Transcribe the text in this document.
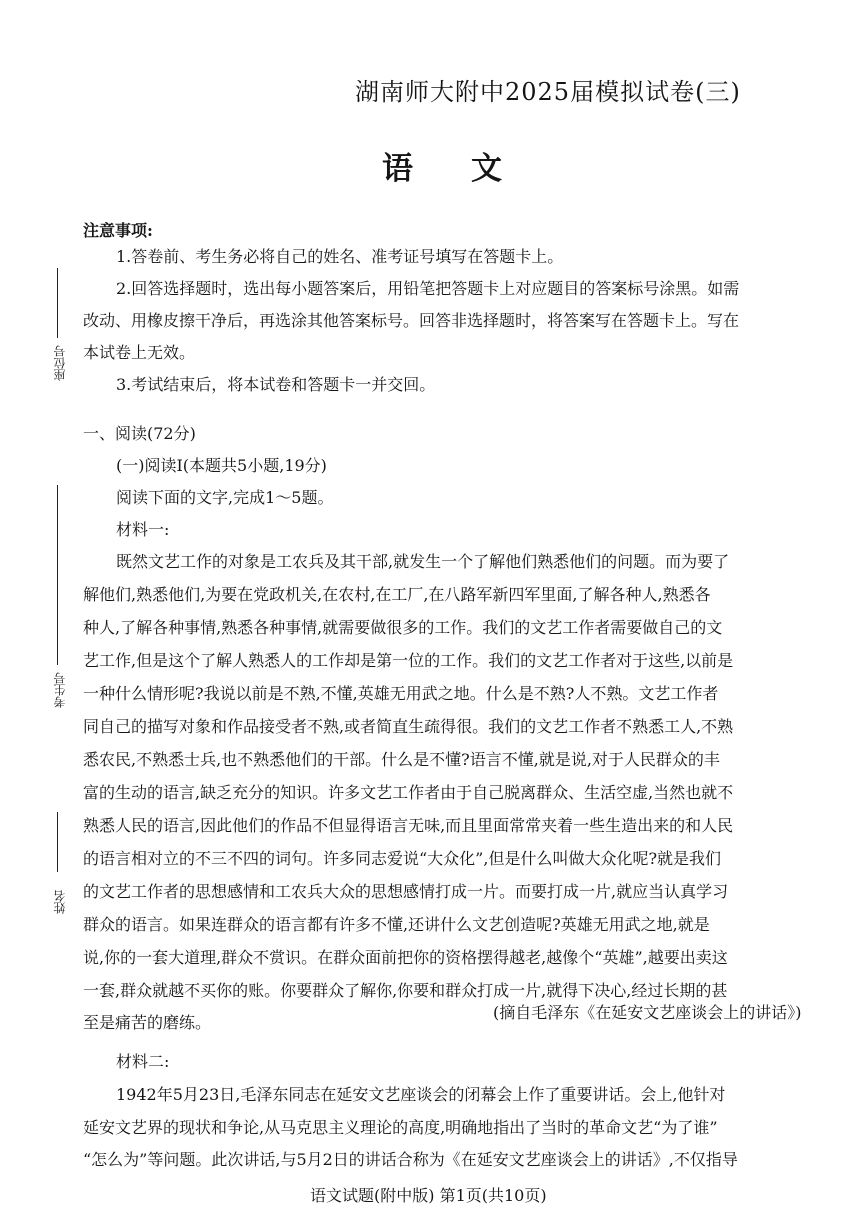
湖南师大附中2025届模拟试卷(三)
语文
座位号
考生号
姓名
注意事项:
1.答卷前、考生务必将自己的姓名、准考证号填写在答题卡上。
2.回答选择题时，选出每小题答案后，用铅笔把答题卡上对应题目的答案标号涂黑。如需
改动、用橡皮擦干净后，再选涂其他答案标号。回答非选择题时，将答案写在答题卡上。写在
本试卷上无效。
3.考试结束后，将本试卷和答题卡一并交回。
一、阅读(72分)
(一)阅读Ⅰ(本题共5小题,19分)
阅读下面的文字,完成1～5题。
材料一:
既然文艺工作的对象是工农兵及其干部,就发生一个了解他们熟悉他们的问题。而为要了
解他们,熟悉他们,为要在党政机关,在农村,在工厂,在八路军新四军里面,了解各种人,熟悉各
种人,了解各种事情,熟悉各种事情,就需要做很多的工作。我们的文艺工作者需要做自己的文
艺工作,但是这个了解人熟悉人的工作却是第一位的工作。我们的文艺工作者对于这些,以前是
一种什么情形呢?我说以前是不熟,不懂,英雄无用武之地。什么是不熟?人不熟。文艺工作者
同自己的描写对象和作品接受者不熟,或者简直生疏得很。我们的文艺工作者不熟悉工人,不熟
悉农民,不熟悉士兵,也不熟悉他们的干部。什么是不懂?语言不懂,就是说,对于人民群众的丰
富的生动的语言,缺乏充分的知识。许多文艺工作者由于自己脱离群众、生活空虚,当然也就不
熟悉人民的语言,因此他们的作品不但显得语言无味,而且里面常常夹着一些生造出来的和人民
的语言相对立的不三不四的词句。许多同志爱说“大众化”,但是什么叫做大众化呢?就是我们
的文艺工作者的思想感情和工农兵大众的思想感情打成一片。而要打成一片,就应当认真学习
群众的语言。如果连群众的语言都有许多不懂,还讲什么文艺创造呢?英雄无用武之地,就是
说,你的一套大道理,群众不赏识。在群众面前把你的资格摆得越老,越像个“英雄”,越要出卖这
一套,群众就越不买你的账。你要群众了解你,你要和群众打成一片,就得下决心,经过长期的甚
至是痛苦的磨练。
(摘自毛泽东《在延安文艺座谈会上的讲话》)
材料二:
1942年5月23日,毛泽东同志在延安文艺座谈会的闭幕会上作了重要讲话。会上,他针对
延安文艺界的现状和争论,从马克思主义理论的高度,明确地指出了当时的革命文艺“为了谁”
“怎么为”等问题。此次讲话,与5月2日的讲话合称为《在延安文艺座谈会上的讲话》,不仅指导
语文试题(附中版) 第1页(共10页)
